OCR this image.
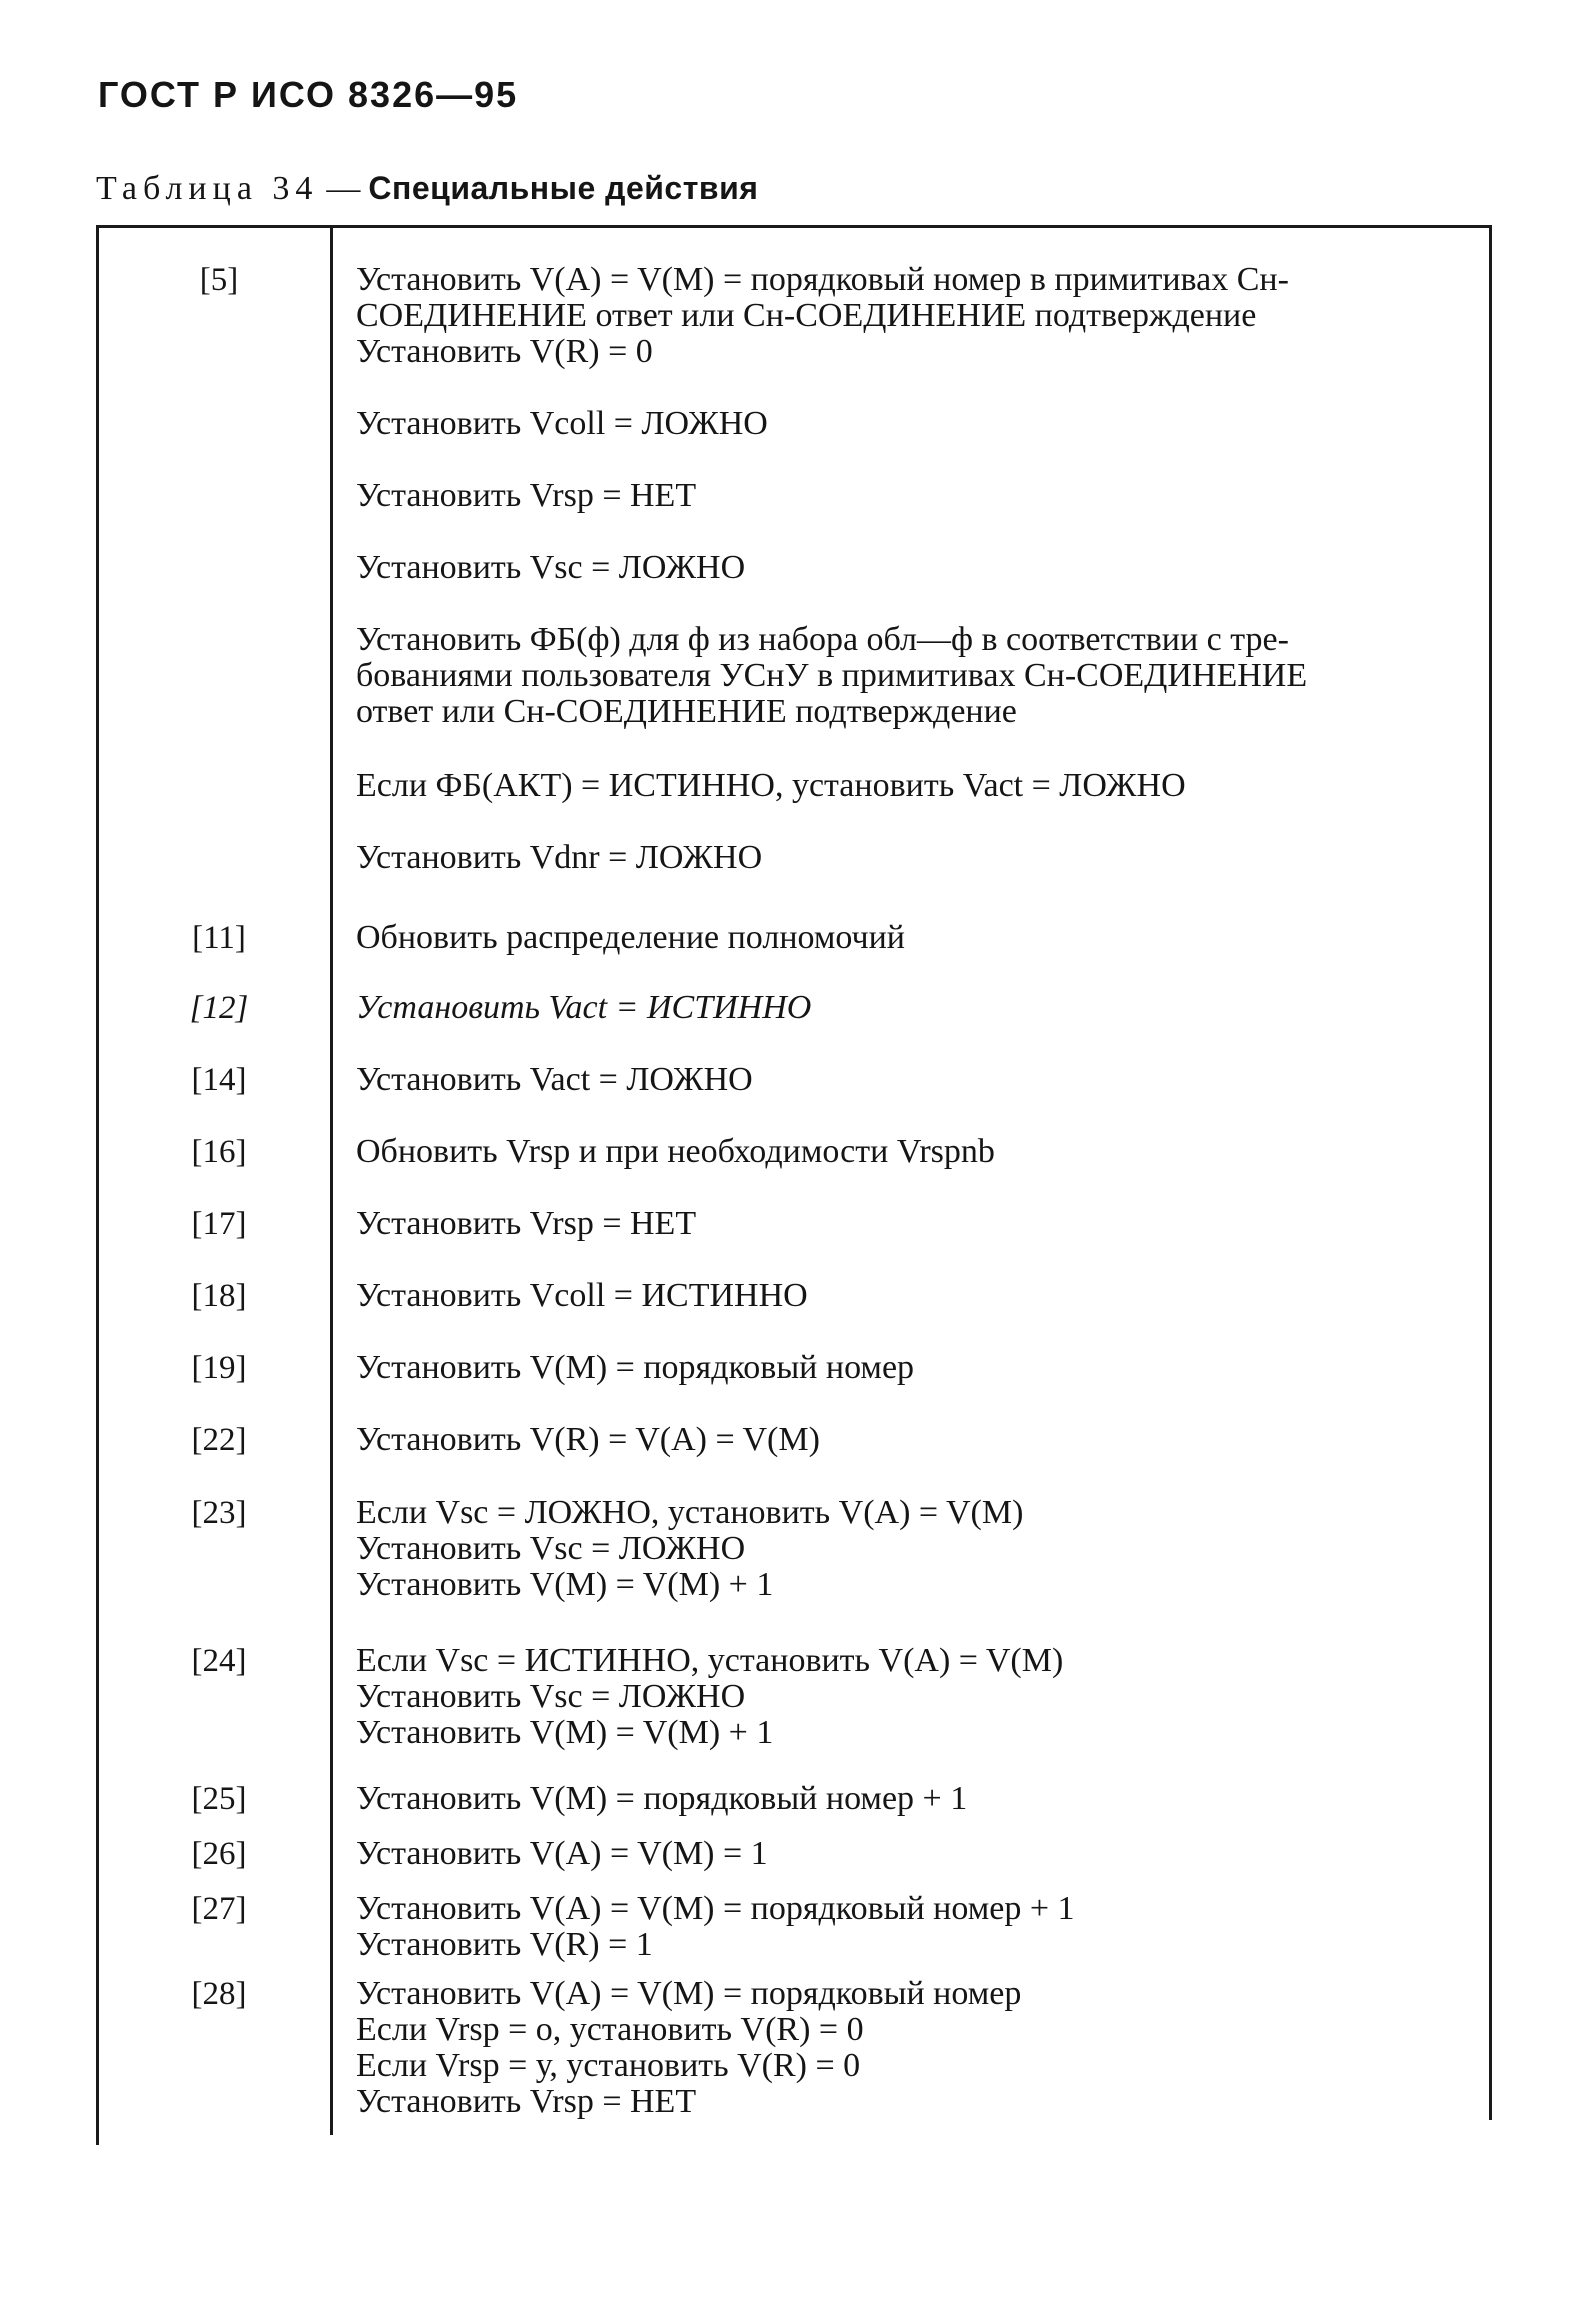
ГОСТ Р ИСО 8326—95
Таблица 34 — Специальные действия
[5]
[11]
[12]
[14]
[16]
[17]
[18]
[19]
[22]
[23]
[24]
[25]
[26]
[27]
[28]
Установить V(A) = V(M) = порядковый номер в примитивах Сн-
СОЕДИНЕНИЕ ответ или Сн-СОЕДИНЕНИЕ подтверждение
Установить V(R) = 0
Установить Vcoll = ЛОЖНО
Установить Vrsp = НЕТ
Установить Vsc = ЛОЖНО
Установить ФБ(ф) для ф из набора обл—ф в соответствии с тре-
бованиями пользователя УСнУ в примитивах Сн-СОЕДИНЕНИЕ
ответ или Сн-СОЕДИНЕНИЕ подтверждение
Если ФБ(АКТ) = ИСТИННО, установить Vact = ЛОЖНО
Установить Vdnr = ЛОЖНО
Обновить распределение полномочий
Установить Vact = ИСТИННО
Установить Vact = ЛОЖНО
Обновить Vrsp и при необходимости Vrspnb
Установить Vrsp = НЕТ
Установить Vcoll = ИСТИННО
Установить V(M) = порядковый номер
Установить V(R) = V(A) = V(M)
Если Vsc = ЛОЖНО, установить V(A) = V(M)
Установить Vsc = ЛОЖНО
Установить V(M) = V(M) + 1
Если Vsc = ИСТИННО, установить V(A) = V(M)
Установить Vsc = ЛОЖНО
Установить V(M) = V(M) + 1
Установить V(M) = порядковый номер + 1
Установить V(A) = V(M) = 1
Установить V(A) = V(M) = порядковый номер + 1
Установить V(R) = 1
Установить V(A) = V(M) = порядковый номер
Если Vrsp = о, установить V(R) = 0
Если Vrsp = у, установить V(R) = 0
Установить Vrsp = НЕТ
